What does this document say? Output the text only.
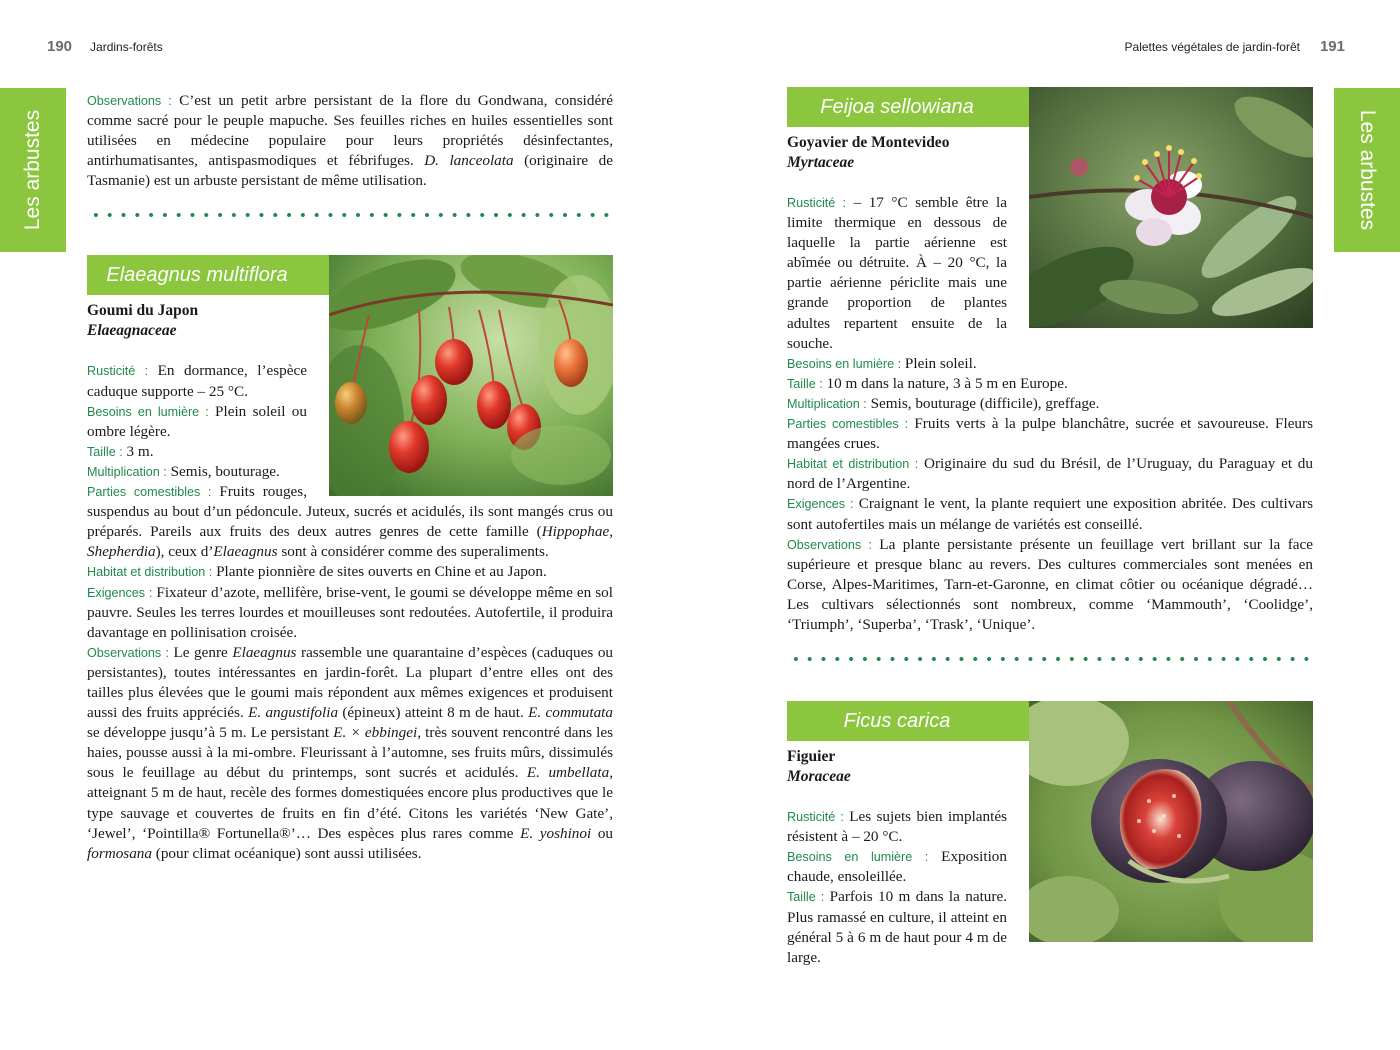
190 Jardins-forêts	Palettes végétales de jardin-forêt 191
Les arbustes	Les arbustes

Observations : C’est un petit arbre persistant de la flore du Gondwana, considéré comme sacré pour le peuple mapuche. Ses feuilles riches en huiles essentielles sont utilisées en médecine populaire pour leurs propriétés désinfectantes, antirhumatisantes, antispasmodiques et fébrifuges. D. lanceolata (originaire de Tasmanie) est un arbuste persistant de même utilisation.

Elaeagnus multiflora
Goumi du Japon
Elaeagnaceae
Rusticité : En dormance, l’espèce caduque supporte – 25 °C.
Besoins en lumière : Plein soleil ou ombre légère.
Taille : 3 m.
Multiplication : Semis, bouturage.
Parties comestibles : Fruits rouges, suspendus au bout d’un pédoncule. Juteux, sucrés et acidulés, ils sont mangés crus ou préparés. Pareils aux fruits des deux autres genres de cette famille (Hippophae, Shepherdia), ceux d’Elaeagnus sont à considérer comme des superaliments.
Habitat et distribution : Plante pionnière de sites ouverts en Chine et au Japon.
Exigences : Fixateur d’azote, mellifère, brise-vent, le goumi se développe même en sol pauvre. Seules les terres lourdes et mouilleuses sont redoutées. Autofertile, il produira davantage en pollinisation croisée.
Observations : Le genre Elaeagnus rassemble une quarantaine d’espèces (caduques ou persistantes), toutes intéressantes en jardin-forêt. La plupart d’entre elles ont des tailles plus élevées que le goumi mais répondent aux mêmes exigences et produisent aussi des fruits appréciés. E. angustifolia (épineux) atteint 8 m de haut. E. commutata se développe jusqu’à 5 m. Le persistant E. × ebbingei, très souvent rencontré dans les haies, pousse aussi à la mi-ombre. Fleurissant à l’automne, ses fruits mûrs, dissimulés sous le feuillage au début du printemps, sont sucrés et acidulés. E. umbellata, atteignant 5 m de haut, recèle des formes domestiquées encore plus productives que le type sauvage et couvertes de fruits en fin d’été. Citons les variétés ‘New Gate’, ‘Jewel’, ‘Pointilla® Fortunella®’… Des espèces plus rares comme E. yoshinoi ou formosana (pour climat océanique) sont aussi utilisées.
Feijoa sellowiana
Goyavier de Montevideo
Myrtaceae
Rusticité : – 17 °C semble être la limite thermique en dessous de laquelle la partie aérienne est abîmée ou détruite. À – 20 °C, la partie aérienne périclite mais une grande proportion de plantes adultes repartent ensuite de la souche.
Besoins en lumière : Plein soleil.
Taille : 10 m dans la nature, 3 à 5 m en Europe.
Multiplication : Semis, bouturage (difficile), greffage.
Parties comestibles : Fruits verts à la pulpe blanchâtre, sucrée et savoureuse. Fleurs mangées crues.
Habitat et distribution : Originaire du sud du Brésil, de l’Uruguay, du Paraguay et du nord de l’Argentine.
Exigences : Craignant le vent, la plante requiert une exposition abritée. Des cultivars sont autofertiles mais un mélange de variétés est conseillé.
Observations : La plante persistante présente un feuillage vert brillant sur la face supérieure et presque blanc au revers. Des cultures commerciales sont menées en Corse, Alpes-Maritimes, Tarn-et-Garonne, en climat côtier ou océanique dégradé… Les cultivars sélectionnés sont nombreux, comme ‘Mammouth’, ‘Coolidge’, ‘Triumph’, ‘Superba’, ‘Trask’, ‘Unique’.
Ficus carica
Figuier
Moraceae
Rusticité : Les sujets bien implantés résistent à – 20 °C.
Besoins en lumière : Exposition chaude, ensoleillée.
Taille : Parfois 10 m dans la nature. Plus ramassé en culture, il atteint en général 5 à 6 m de haut pour 4 m de large.
